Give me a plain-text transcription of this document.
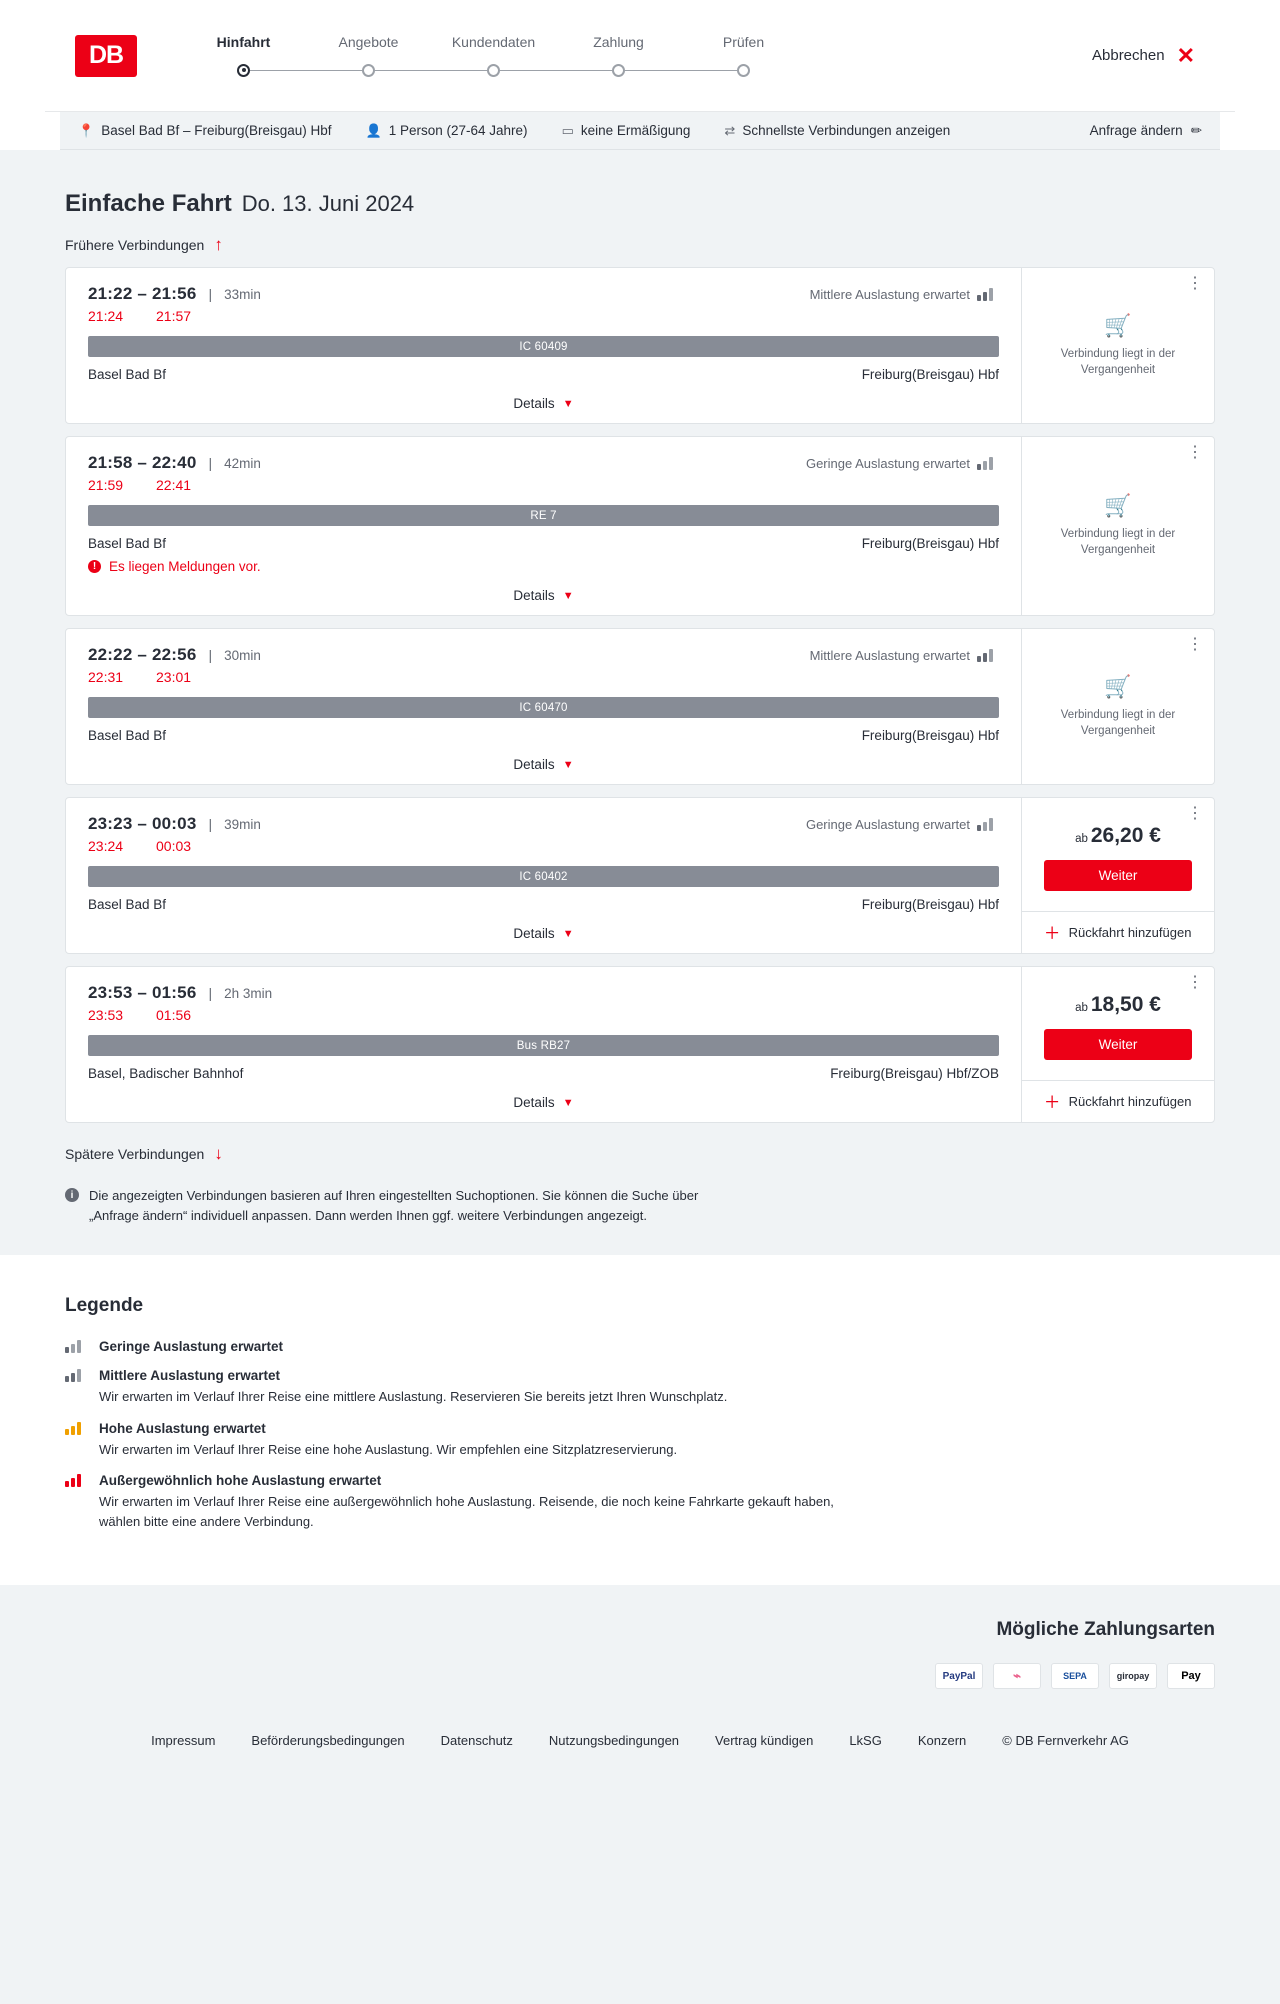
DB	Hinfahrt	Angebote	Kundendaten	Zahlung	Prüfen
Abbrechen ✕
📍 Basel Bad Bf – Freiburg(Breisgau) Hbf	👤 1 Person (27-64 Jahre)	▭ keine Ermäßigung	⇄ Schnellste Verbindungen anzeigen	Anfrage ändern ✏
Einfache Fahrt Do. 13. Juni 2024
Frühere Verbindungen ↑
21:22 – 21:56 | 33min	Mittlere Auslastung erwartet
21:24	21:57
IC 60409
Basel Bad Bf	Freiburg(Breisgau) Hbf
Details ▼
⋮
🛒
Verbindung liegt in der Vergangenheit
21:58 – 22:40 | 42min	Geringe Auslastung erwartet
21:59	22:41
RE 7
Basel Bad Bf	Freiburg(Breisgau) Hbf
! Es liegen Meldungen vor.
Details ▼
⋮
🛒
Verbindung liegt in der Vergangenheit
22:22 – 22:56 | 30min	Mittlere Auslastung erwartet
22:31	23:01
IC 60470
Basel Bad Bf	Freiburg(Breisgau) Hbf
Details ▼
⋮
🛒
Verbindung liegt in der Vergangenheit
23:23 – 00:03 | 39min	Geringe Auslastung erwartet
23:24	00:03
IC 60402
Basel Bad Bf	Freiburg(Breisgau) Hbf
Details ▼
⋮
ab 26,20 €
Weiter
＋ Rückfahrt hinzufügen
23:53 – 01:56 | 2h 3min
23:53	01:56
Bus RB27
Basel, Badischer Bahnhof	Freiburg(Breisgau) Hbf/ZOB
Details ▼
⋮
ab 18,50 €
Weiter
＋ Rückfahrt hinzufügen
Spätere Verbindungen ↓
i	Die angezeigten Verbindungen basieren auf Ihren eingestellten Suchoptionen. Sie können die Suche über „Anfrage ändern“ individuell anpassen. Dann werden Ihnen ggf. weitere Verbindungen angezeigt.
Legende
Geringe Auslastung erwartet
Mittlere Auslastung erwartet
Wir erwarten im Verlauf Ihrer Reise eine mittlere Auslastung. Reservieren Sie bereits jetzt Ihren Wunschplatz.
Hohe Auslastung erwartet
Wir erwarten im Verlauf Ihrer Reise eine hohe Auslastung. Wir empfehlen eine Sitzplatzreservierung.
Außergewöhnlich hohe Auslastung erwartet
Wir erwarten im Verlauf Ihrer Reise eine außergewöhnlich hohe Auslastung. Reisende, die noch keine Fahrkarte gekauft haben, wählen bitte eine andere Verbindung.
Mögliche Zahlungsarten
PayPal	⌁	SEPA	giropay	Pay
Impressum	Beförderungsbedingungen	Datenschutz	Nutzungsbedingungen	Vertrag kündigen	LkSG	Konzern	© DB Fernverkehr AG
